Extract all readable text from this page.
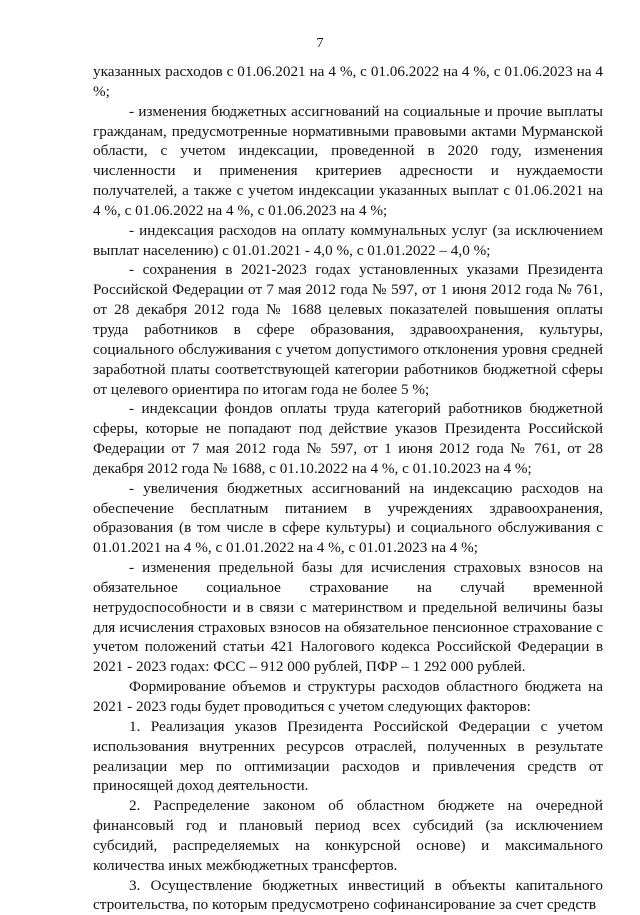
7

указанных расходов с 01.06.2021 на 4 %, с 01.06.2022 на 4 %, с 01.06.2023 на 4 %;

- изменения бюджетных ассигнований на социальные и прочие выплаты гражданам, предусмотренные нормативными правовыми актами Мурманской области, с учетом индексации, проведенной в 2020 году, изменения численности и применения критериев адресности и нуждаемости получателей, а также с учетом индексации указанных выплат с 01.06.2021 на 4 %, с 01.06.2022 на 4 %, с 01.06.2023 на 4 %;

- индексация расходов на оплату коммунальных услуг (за исключением выплат населению) с 01.01.2021 - 4,0 %, с 01.01.2022 – 4,0 %;

- сохранения в 2021-2023 годах установленных указами Президента Российской Федерации от 7 мая 2012 года № 597, от 1 июня 2012 года № 761, от 28 декабря 2012 года № 1688 целевых показателей повышения оплаты труда работников в сфере образования, здравоохранения, культуры, социального обслуживания с учетом допустимого отклонения уровня средней заработной платы соответствующей категории работников бюджетной сферы от целевого ориентира по итогам года не более 5 %;

- индексации фондов оплаты труда категорий работников бюджетной сферы, которые не попадают под действие указов Президента Российской Федерации от 7 мая 2012 года № 597, от 1 июня 2012 года № 761, от 28 декабря 2012 года № 1688, с 01.10.2022 на 4 %, с 01.10.2023 на 4 %;

- увеличения бюджетных ассигнований на индексацию расходов на обеспечение бесплатным питанием в учреждениях здравоохранения, образования (в том числе в сфере культуры) и социального обслуживания с 01.01.2021 на 4 %, с 01.01.2022 на 4 %, с 01.01.2023 на 4 %;

- изменения предельной базы для исчисления страховых взносов на обязательное социальное страхование на случай временной нетрудоспособности и в связи с материнством и предельной величины базы для исчисления страховых взносов на обязательное пенсионное страхование с учетом положений статьи 421 Налогового кодекса Российской Федерации в 2021 - 2023 годах: ФСС – 912 000 рублей, ПФР – 1 292 000 рублей.

Формирование объемов и структуры расходов областного бюджета на 2021 - 2023 годы будет проводиться с учетом следующих факторов:

1. Реализация указов Президента Российской Федерации с учетом использования внутренних ресурсов отраслей, полученных в результате реализации мер по оптимизации расходов и привлечения средств от приносящей доход деятельности.

2. Распределение законом об областном бюджете на очередной финансовый год и плановый период всех субсидий (за исключением субсидий, распределяемых на конкурсной основе) и максимального количества иных межбюджетных трансфертов.

3. Осуществление бюджетных инвестиций в объекты капитального строительства, по которым предусмотрено софинансирование за счет средств
